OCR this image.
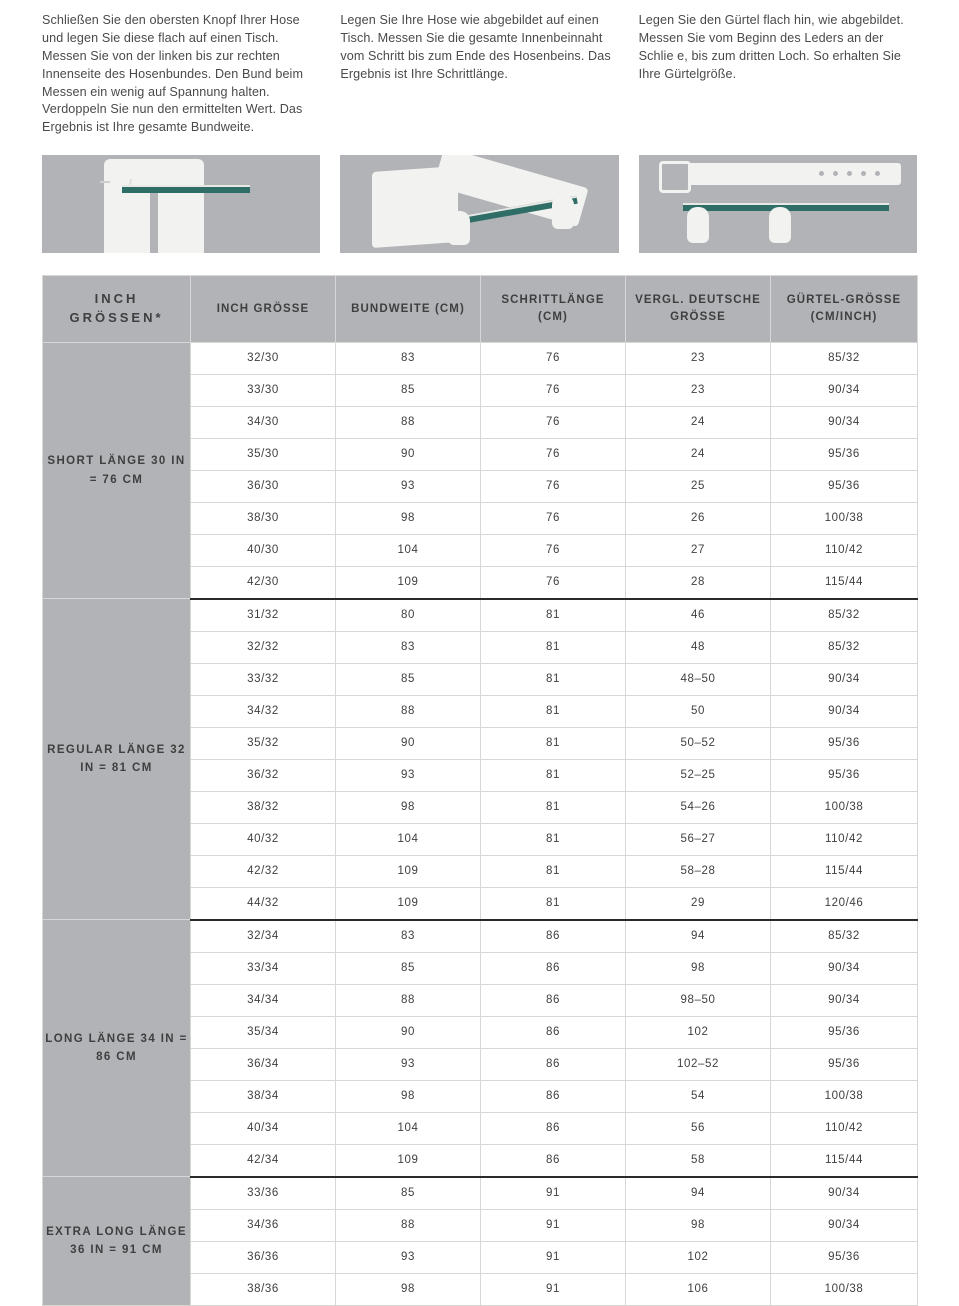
Schließen Sie den obersten Knopf Ihrer Hose und legen Sie diese flach auf einen Tisch. Messen Sie von der linken bis zur rechten Innenseite des Hosenbundes. Den Bund beim Messen ein wenig auf Spannung halten. Verdoppeln Sie nun den ermittelten Wert. Das Ergebnis ist Ihre gesamte Bundweite.
Legen Sie Ihre Hose wie abgebildet auf einen Tisch. Messen Sie die gesamte Innenbeinnaht vom Schritt bis zum Ende des Hosenbeins. Das Ergebnis ist Ihre Schrittlänge.
Legen Sie den Gürtel flach hin, wie abgebildet. Messen Sie vom Beginn des Leders an der Schlie e, bis zum dritten Loch. So erhalten Sie Ihre Gürtelgröße.
INCH GRÖSSEN*	INCH GRÖSSE	BUNDWEITE (CM)	SCHRITTLÄNGE (CM)	VERGL. DEUTSCHE GRÖSSE	GÜRTEL-GRÖSSE (CM/INCH)
SHORT LÄNGE 30 IN = 76 CM	32/30	83	76	23	85/32
	33/30	85	76	23	90/34
	34/30	88	76	24	90/34
	35/30	90	76	24	95/36
	36/30	93	76	25	95/36
	38/30	98	76	26	100/38
	40/30	104	76	27	110/42
	42/30	109	76	28	115/44
REGULAR LÄNGE 32 IN = 81 CM	31/32	80	81	46	85/32
	32/32	83	81	48	85/32
	33/32	85	81	48–50	90/34
	34/32	88	81	50	90/34
	35/32	90	81	50–52	95/36
	36/32	93	81	52–25	95/36
	38/32	98	81	54–26	100/38
	40/32	104	81	56–27	110/42
	42/32	109	81	58–28	115/44
	44/32	109	81	29	120/46
LONG LÄNGE 34 IN = 86 CM	32/34	83	86	94	85/32
	33/34	85	86	98	90/34
	34/34	88	86	98–50	90/34
	35/34	90	86	102	95/36
	36/34	93	86	102–52	95/36
	38/34	98	86	54	100/38
	40/34	104	86	56	110/42
	42/34	109	86	58	115/44
EXTRA LONG LÄNGE 36 IN = 91 CM	33/36	85	91	94	90/34
	34/36	88	91	98	90/34
	36/36	93	91	102	95/36
	38/36	98	91	106	100/38
